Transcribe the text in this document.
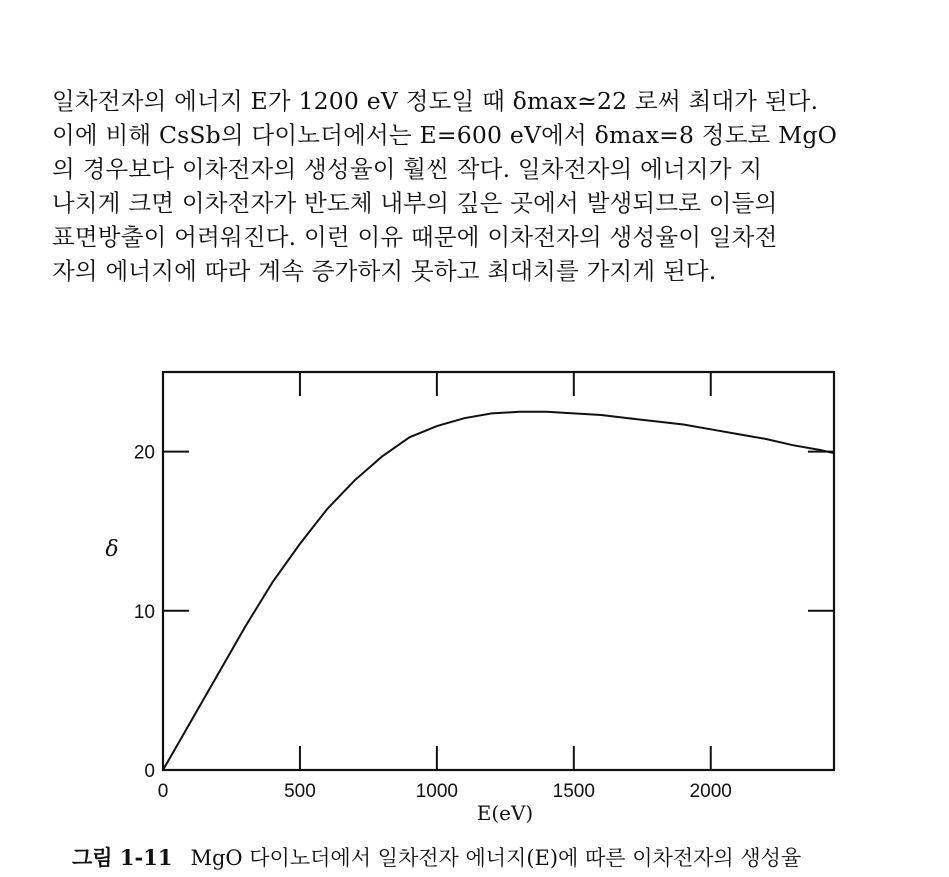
일차전자의 에너지 E가 1200 eV 정도일 때 δmax≃22 로써 최대가 된다.
이에 비해 CsSb의 다이노더에서는 E=600 eV에서 δmax=8 정도로 MgO
의 경우보다 이차전자의 생성율이 훨씬 작다. 일차전자의 에너지가 지
나치게 크면 이차전자가 반도체 내부의 깊은 곳에서 발생되므로 이들의
표면방출이 어려워진다. 이런 이유 때문에 이차전자의 생성율이 일차전
자의 에너지에 따라 계속 증가하지 못하고 최대치를 가지게 된다.
0	500	1000	1500	2000
0
10
20
E(eV)
δ
그림 1-11 MgO 다이노더에서 일차전자 에너지(E)에 따른 이차전자의 생성율
